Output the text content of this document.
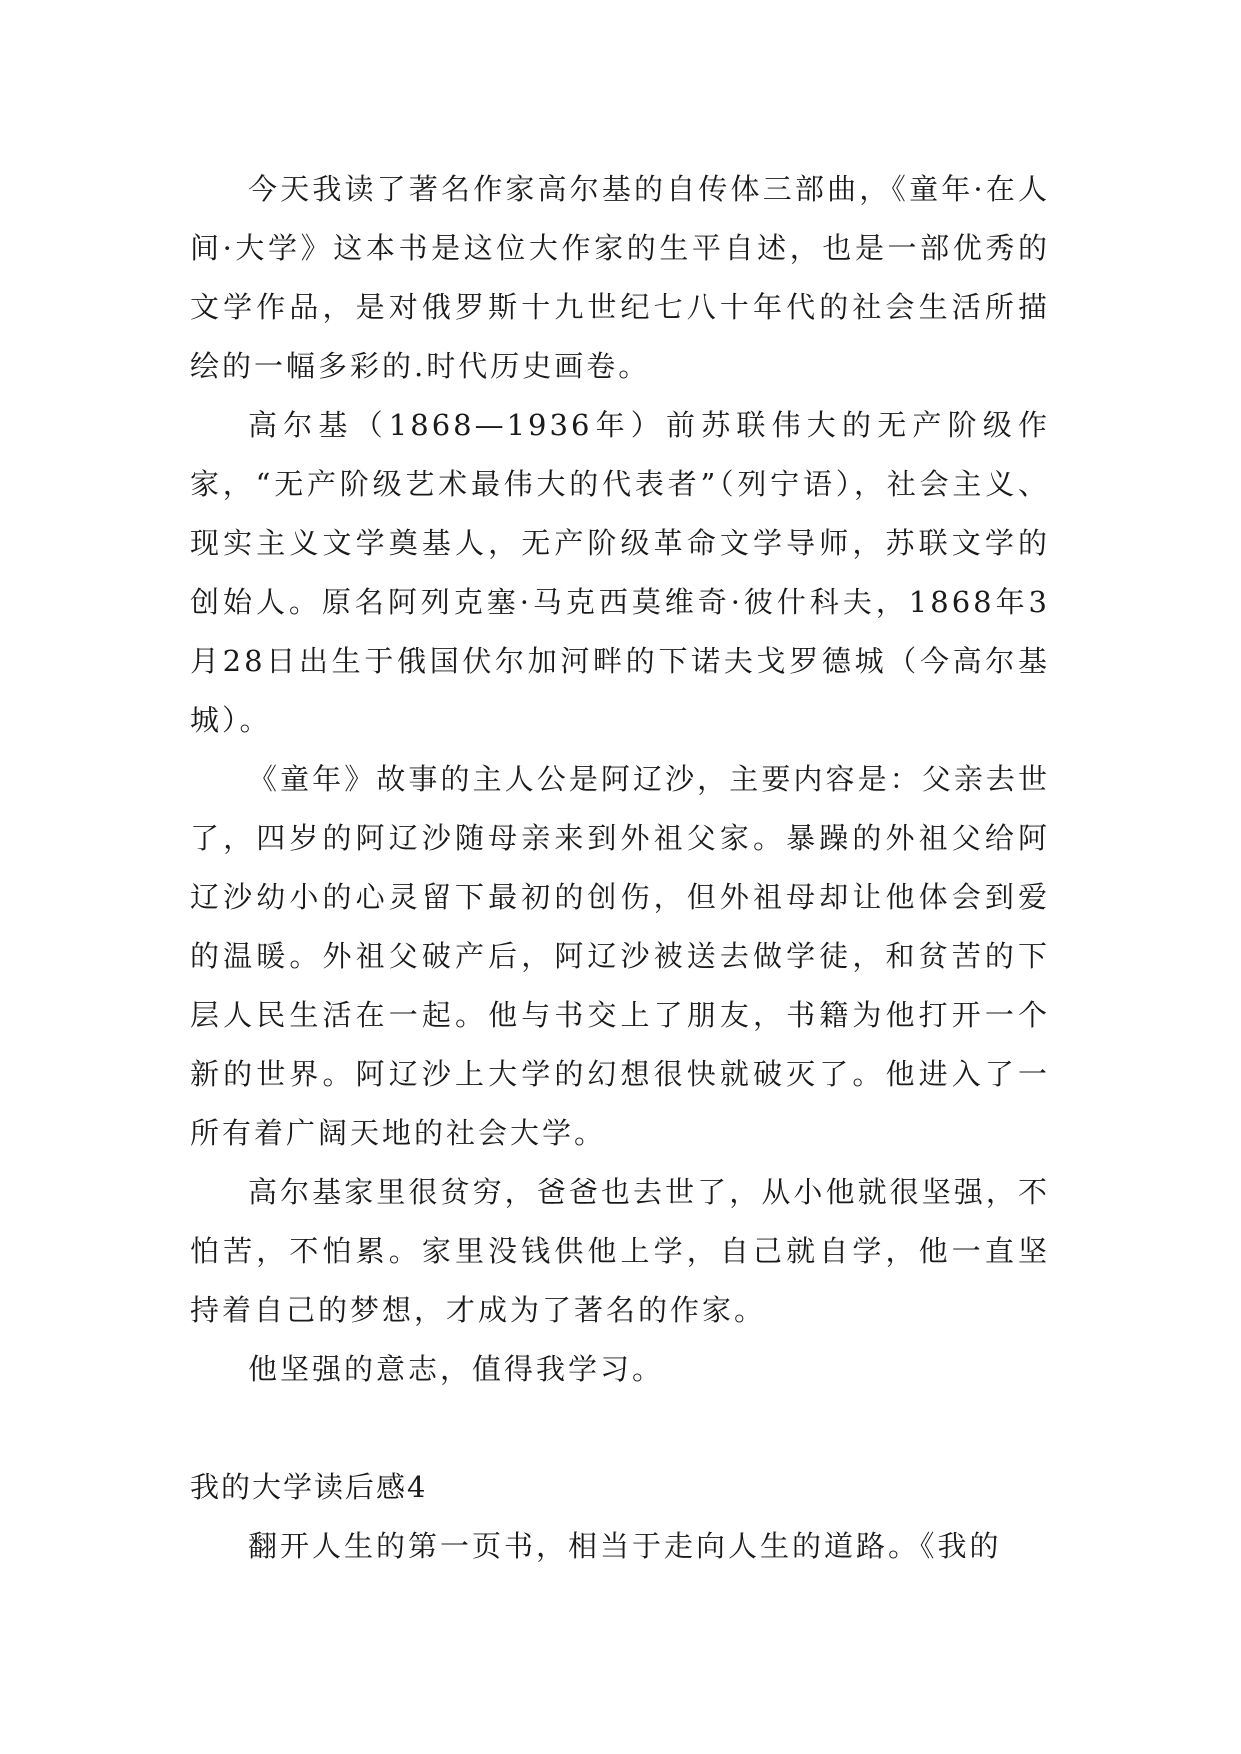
今天我读了著名作家高尔基的自传体三部曲，《童年·在人间·大学》这本书是这位大作家的生平自述，也是一部优秀的文学作品，是对俄罗斯十九世纪七八十年代的社会生活所描绘的一幅多彩的.时代历史画卷。

高尔基（1868—1936年）前苏联伟大的无产阶级作家，“无产阶级艺术最伟大的代表者”（列宁语），社会主义、现实主义文学奠基人，无产阶级革命文学导师，苏联文学的创始人。原名阿列克塞·马克西莫维奇·彼什科夫，1868年3月28日出生于俄国伏尔加河畔的下诺夫戈罗德城（今高尔基城）。

《童年》故事的主人公是阿辽沙，主要内容是：父亲去世了，四岁的阿辽沙随母亲来到外祖父家。暴躁的外祖父给阿辽沙幼小的心灵留下最初的创伤，但外祖母却让他体会到爱的温暖。外祖父破产后，阿辽沙被送去做学徒，和贫苦的下层人民生活在一起。他与书交上了朋友，书籍为他打开一个新的世界。阿辽沙上大学的幻想很快就破灭了。他进入了一所有着广阔天地的社会大学。

高尔基家里很贫穷，爸爸也去世了，从小他就很坚强，不怕苦，不怕累。家里没钱供他上学，自己就自学，他一直坚持着自己的梦想，才成为了著名的作家。

他坚强的意志，值得我学习。

我的大学读后感4

翻开人生的第一页书，相当于走向人生的道路。《我的
